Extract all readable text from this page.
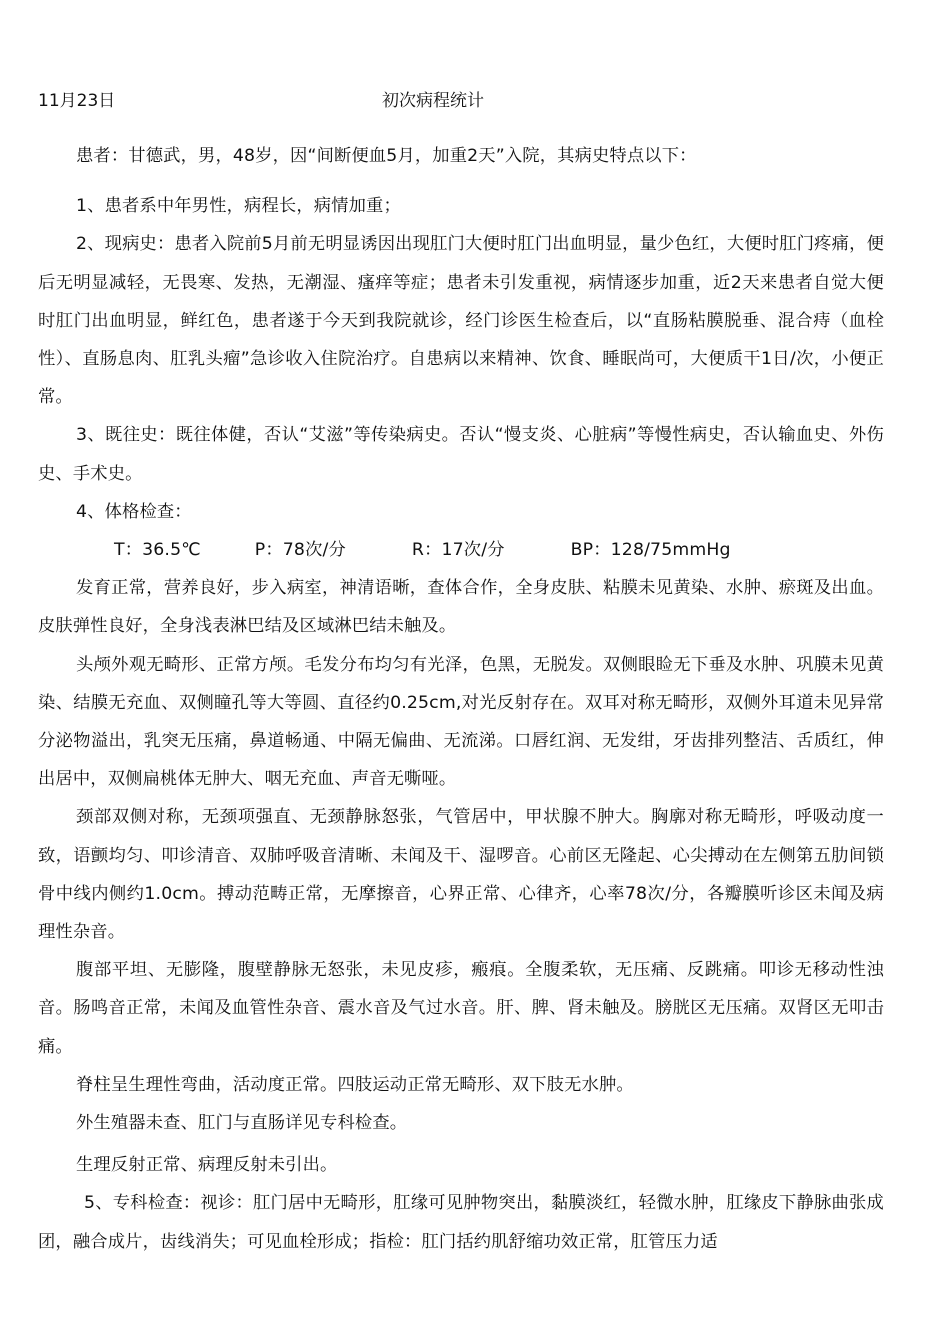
11月23日	初次病程统计

患者：甘德武，男，48岁，因“间断便血5月，加重2天”入院，其病史特点以下：

1、患者系中年男性，病程长，病情加重；

2、现病史：患者入院前5月前无明显诱因出现肛门大便时肛门出血明显，量少色红，大便时肛门疼痛，便后无明显减轻，无畏寒、发热，无潮湿、瘙痒等症；患者未引发重视，病情逐步加重，近2天来患者自觉大便时肛门出血明显，鲜红色，患者遂于今天到我院就诊，经门诊医生检查后，以“直肠粘膜脱垂、混合痔（血栓性）、直肠息肉、肛乳头瘤”急诊收入住院治疗。自患病以来精神、饮食、睡眠尚可，大便质干1日/次，小便正常。

3、既往史：既往体健，否认“艾滋”等传染病史。否认“慢支炎、心脏病”等慢性病史，否认输血史、外伤史、手术史。

4、体格检查：

T：36.5℃	P：78次/分	R：17次/分	BP：128/75mmHg

发育正常，营养良好，步入病室，神清语晰，查体合作，全身皮肤、粘膜未见黄染、水肿、瘀斑及出血。皮肤弹性良好，全身浅表淋巴结及区域淋巴结未触及。

头颅外观无畸形、正常方颅。毛发分布均匀有光泽，色黑，无脱发。双侧眼睑无下垂及水肿、巩膜未见黄染、结膜无充血、双侧瞳孔等大等圆、直径约0.25cm,对光反射存在。双耳对称无畸形，双侧外耳道未见异常分泌物溢出，乳突无压痛，鼻道畅通、中隔无偏曲、无流涕。口唇红润、无发绀，牙齿排列整洁、舌质红，伸出居中，双侧扁桃体无肿大、咽无充血、声音无嘶哑。

颈部双侧对称，无颈项强直、无颈静脉怒张，气管居中，甲状腺不肿大。胸廓对称无畸形，呼吸动度一致，语颤均匀、叩诊清音、双肺呼吸音清晰、未闻及干、湿啰音。心前区无隆起、心尖搏动在左侧第五肋间锁骨中线内侧约1.0cm。搏动范畴正常，无摩擦音，心界正常、心律齐，心率78次/分，各瓣膜听诊区未闻及病理性杂音。

腹部平坦、无膨隆，腹壁静脉无怒张，未见皮疹，瘢痕。全腹柔软，无压痛、反跳痛。叩诊无移动性浊音。肠鸣音正常，未闻及血管性杂音、震水音及气过水音。肝、脾、肾未触及。膀胱区无压痛。双肾区无叩击痛。

脊柱呈生理性弯曲，活动度正常。四肢运动正常无畸形、双下肢无水肿。

外生殖器未查、肛门与直肠详见专科检查。

生理反射正常、病理反射未引出。

5、专科检查：视诊：肛门居中无畸形，肛缘可见肿物突出，黏膜淡红，轻微水肿，肛缘皮下静脉曲张成团，融合成片，齿线消失；可见血栓形成；指检：肛门括约肌舒缩功效正常，肛管压力适
